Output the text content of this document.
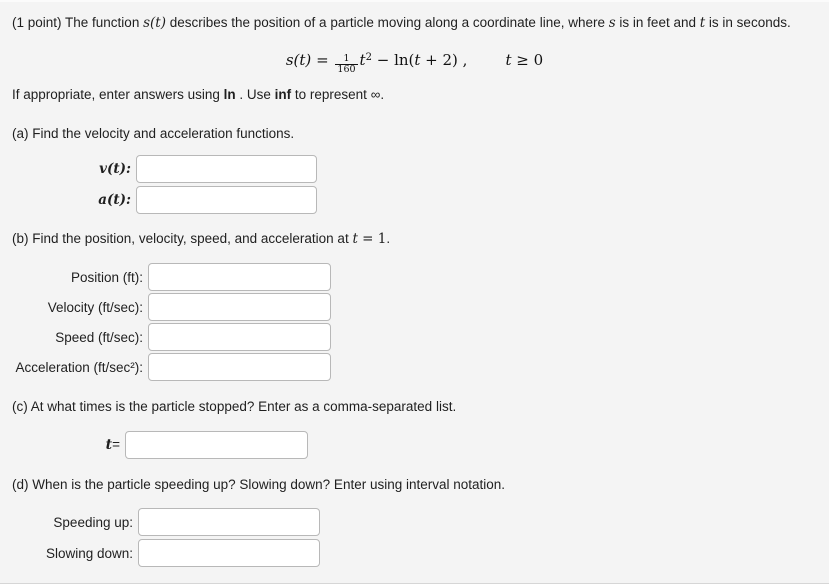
(1 point) The function s(t) describes the position of a particle moving along a coordinate line, where s is in feet and t is in seconds.

$s(t) = \frac{1}{160} t^2 - \ln(t + 2)$ ,	t ≥ 0

If appropriate, enter answers using ln . Use inf to represent ∞.

(a) Find the velocity and acceleration functions.

v(t):
a(t):

(b) Find the position, velocity, speed, and acceleration at t = 1.

Position (ft):
Velocity (ft/sec):
Speed (ft/sec):
Acceleration (ft/sec²):

(c) At what times is the particle stopped? Enter as a comma-separated list.

t=

(d) When is the particle speeding up? Slowing down? Enter using interval notation.

Speeding up:
Slowing down:
